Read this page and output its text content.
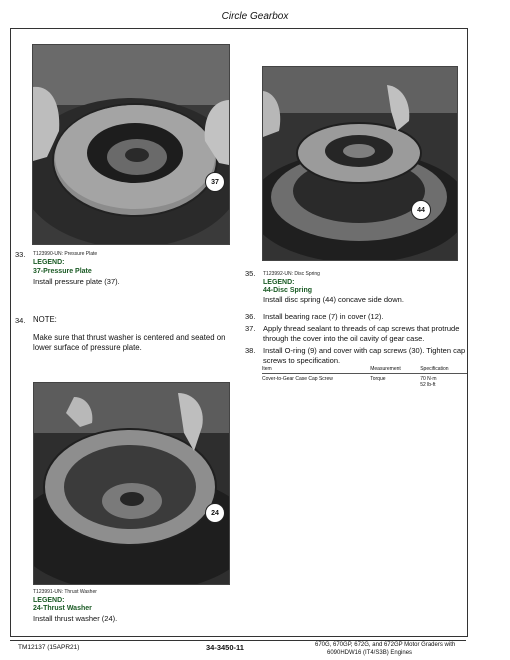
Circle Gearbox
37
33. T123990-UN: Pressure Plate
LEGEND:
37-Pressure Plate
Install pressure plate (37).
34. NOTE:
Make sure that thrust washer is centered and seated on lower surface of pressure plate.
24
T123991-UN: Thrust Washer
LEGEND:
24-Thrust Washer
Install thrust washer (24).
44
35. T123992-UN: Disc Spring
LEGEND:
44-Disc Spring
Install disc spring (44) concave side down.
36. Install bearing race (7) in cover (12).
37. Apply thread sealant to threads of cap screws that protrude through the cover into the oil cavity of gear case.
38. Install O-ring (9) and cover with cap screws (30). Tighten cap screws to specification.
Item	Measurement	Specification
Cover-to-Gear Case Cap Screw	Torque	70 N·m
52 lb-ft
TM12137 (15APR21)	34-3450-11	670G, 670GP, 672G, and 672GP Motor Graders with
6090HDW16 (IT4/S3B) Engines
